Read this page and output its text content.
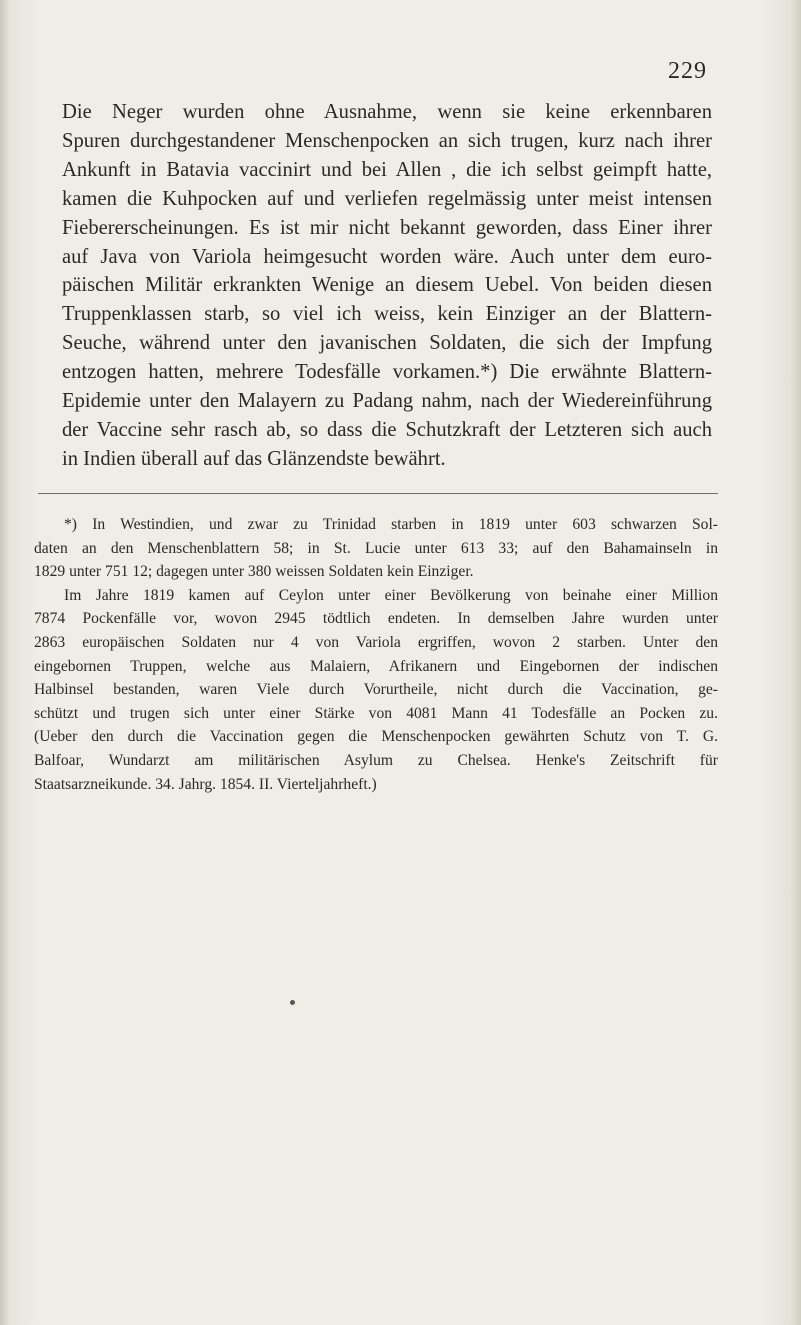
229
Die Neger wurden ohne Ausnahme, wenn sie keine erkennbaren
Spuren durchgestandener Menschenpocken an sich trugen, kurz nach ihrer
Ankunft in Batavia vaccinirt und bei Allen , die ich selbst geimpft hatte,
kamen die Kuhpocken auf und verliefen regelmässig unter meist intensen
Fiebererscheinungen. Es ist mir nicht bekannt geworden, dass Einer ihrer
auf Java von Variola heimgesucht worden wäre. Auch unter dem euro-
päischen Militär erkrankten Wenige an diesem Uebel. Von beiden diesen
Truppenklassen starb, so viel ich weiss, kein Einziger an der Blattern-
Seuche, während unter den javanischen Soldaten, die sich der Impfung
entzogen hatten, mehrere Todesfälle vorkamen.*) Die erwähnte Blattern-
Epidemie unter den Malayern zu Padang nahm, nach der Wiedereinführung
der Vaccine sehr rasch ab, so dass die Schutzkraft der Letzteren sich auch
in Indien überall auf das Glänzendste bewährt.
*) In Westindien, und zwar zu Trinidad starben in 1819 unter 603 schwarzen Sol-
daten an den Menschenblattern 58; in St. Lucie unter 613 33; auf den Bahamainseln in
1829 unter 751 12; dagegen unter 380 weissen Soldaten kein Einziger.
Im Jahre 1819 kamen auf Ceylon unter einer Bevölkerung von beinahe einer Million
7874 Pockenfälle vor, wovon 2945 tödtlich endeten. In demselben Jahre wurden unter
2863 europäischen Soldaten nur 4 von Variola ergriffen, wovon 2 starben. Unter den
eingebornen Truppen, welche aus Malaiern, Afrikanern und Eingebornen der indischen
Halbinsel bestanden, waren Viele durch Vorurtheile, nicht durch die Vaccination, ge-
schützt und trugen sich unter einer Stärke von 4081 Mann 41 Todesfälle an Pocken zu.
(Ueber den durch die Vaccination gegen die Menschenpocken gewährten Schutz von T. G.
Balfoar, Wundarzt am militärischen Asylum zu Chelsea. Henke's Zeitschrift für
Staatsarzneikunde. 34. Jahrg. 1854. II. Vierteljahrheft.)
